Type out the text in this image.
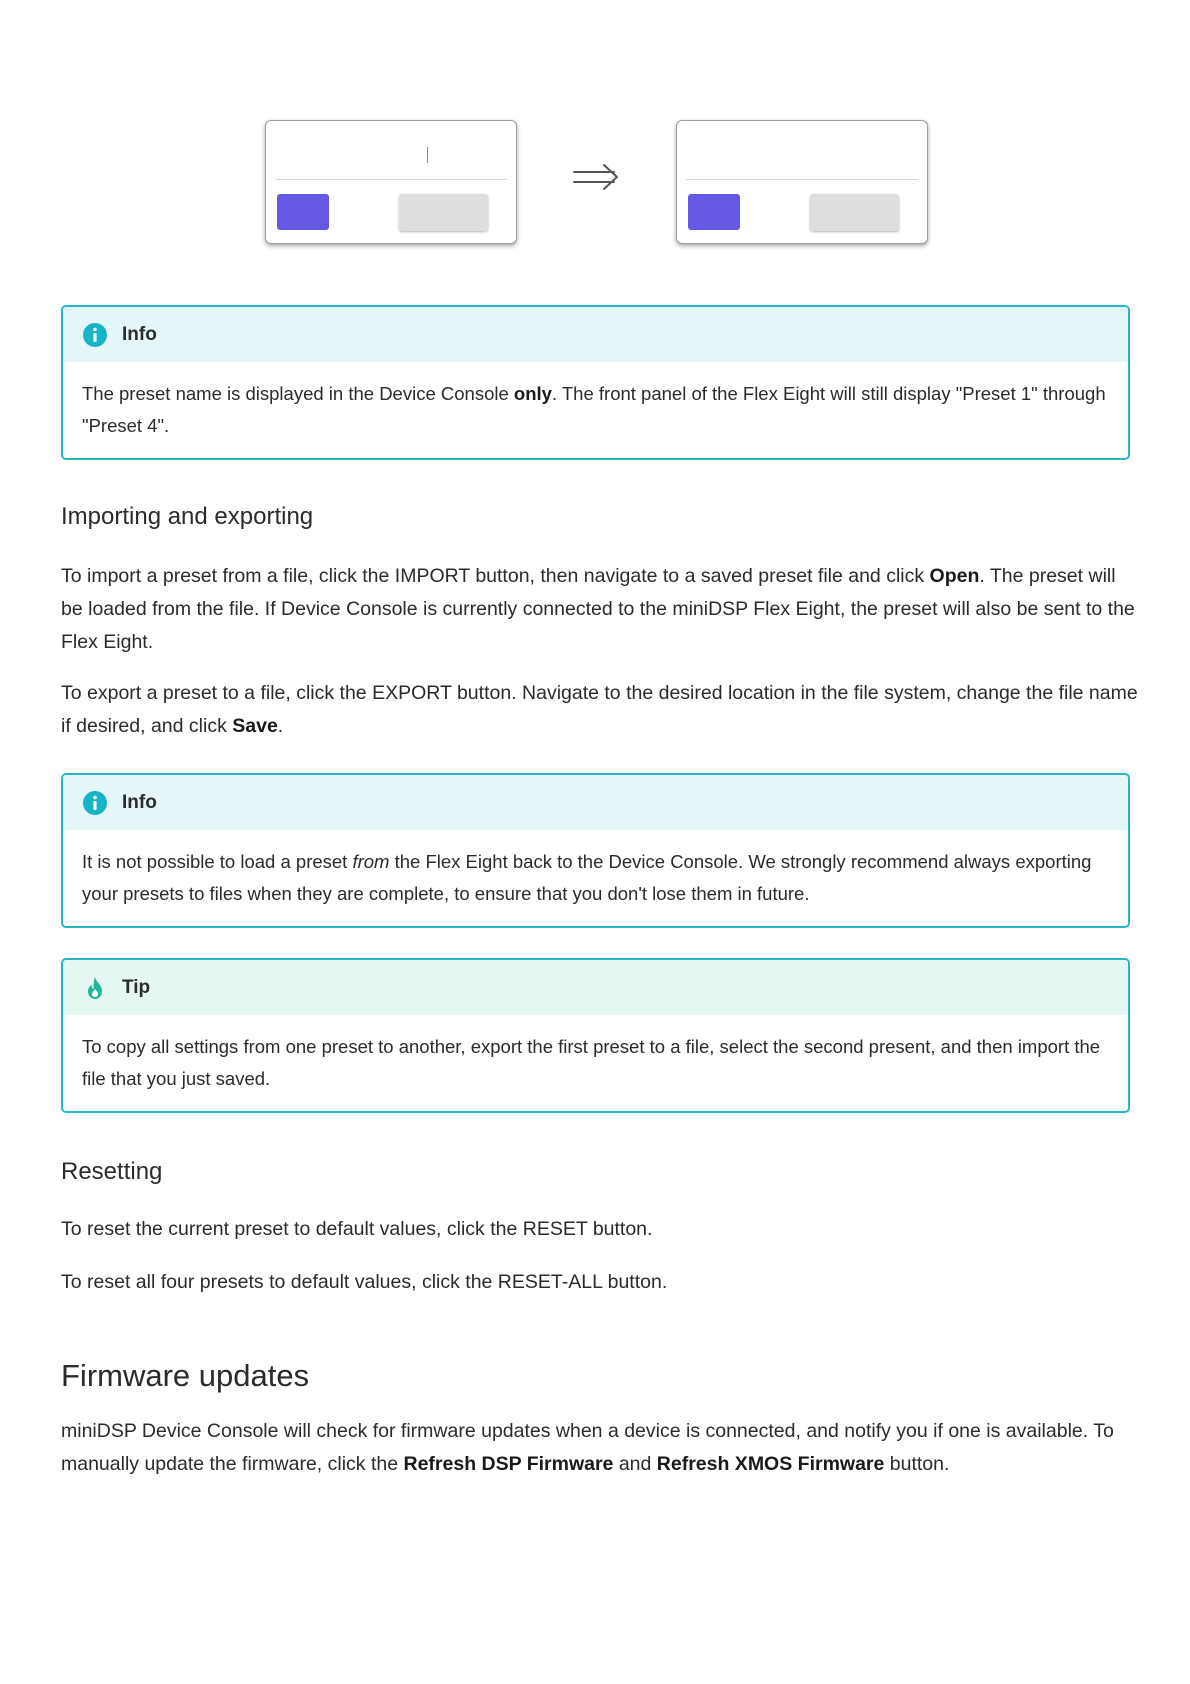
Info
The preset name is displayed in the Device Console only. The front panel of the Flex Eight will still display "Preset 1" through "Preset 4".
Importing and exporting

To import a preset from a file, click the IMPORT button, then navigate to a saved preset file and click Open. The preset will be loaded from the file. If Device Console is currently connected to the miniDSP Flex Eight, the preset will also be sent to the Flex Eight.

To export a preset to a file, click the EXPORT button. Navigate to the desired location in the file system, change the file name if desired, and click Save.

Info
It is not possible to load a preset from the Flex Eight back to the Device Console. We strongly recommend always exporting your presets to files when they are complete, to ensure that you don't lose them in future.
Tip
To copy all settings from one preset to another, export the first preset to a file, select the second present, and then import the file that you just saved.
Resetting

To reset the current preset to default values, click the RESET button.

To reset all four presets to default values, click the RESET-ALL button.

Firmware updates

miniDSP Device Console will check for firmware updates when a device is connected, and notify you if one is available. To manually update the firmware, click the Refresh DSP Firmware and Refresh XMOS Firmware button.
